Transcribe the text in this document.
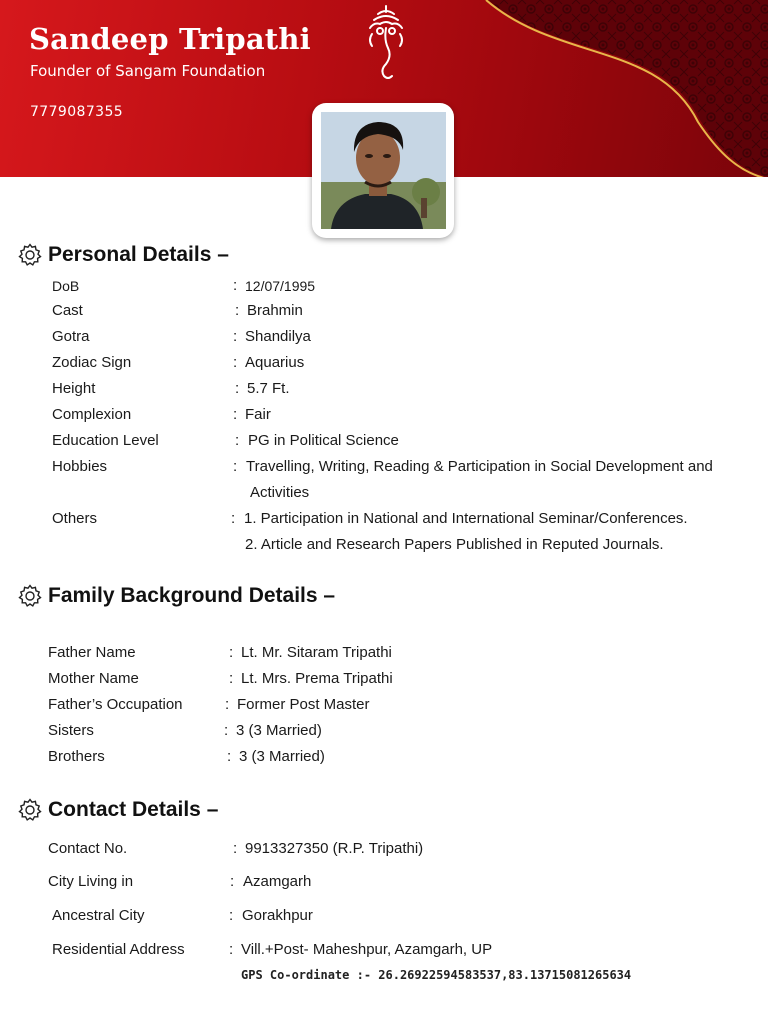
Sandeep Tripathi
Founder of Sangam Foundation
7779087355
Personal Details –
DoB	: 12/07/1995
Cast	: Brahmin
Gotra	: Shandilya
Zodiac Sign	: Aquarius
Height	: 5.7 Ft.
Complexion	: Fair
Education Level	: PG in Political Science
Hobbies	: Travelling, Writing, Reading & Participation in Social Development and
Activities
Others	: 1. Participation in National and International Seminar/Conferences.
2. Article and Research Papers Published in Reputed Journals.
Family Background Details –
Father Name	: Lt. Mr. Sitaram Tripathi
Mother Name	: Lt. Mrs. Prema Tripathi
Father’s Occupation	: Former Post Master
Sisters	: 3 (3 Married)
Brothers	: 3 (3 Married)
Contact Details –
Contact No.	: 9913327350 (R.P. Tripathi)
City Living in	: Azamgarh
Ancestral City	: Gorakhpur
Residential Address	: Vill.+Post- Maheshpur, Azamgarh, UP
GPS Co-ordinate :- 26.26922594583537,83.13715081265634
